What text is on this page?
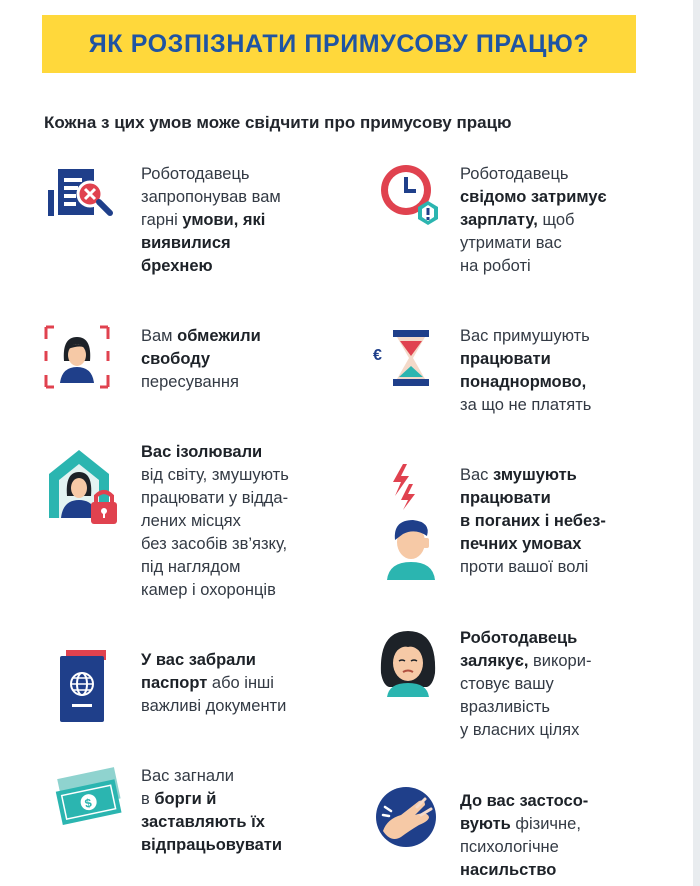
ЯК РОЗПІЗНАТИ ПРИМУСОВУ ПРАЦЮ?
Кожна з цих умов може свідчити про примусову працю
Роботодавець
запропонував вам
гарні умови, які
виявилися
брехнею
Роботодавець
свідомо затримує
зарплату, щоб
утримати вас
на роботі
Вам обмежили
свободу
пересування
Вас примушують
працювати
понаднормово,
за що не платять
Вас ізолювали
від світу, змушують
працювати у відда-
лених місцях
без засобів зв’язку,
під наглядом
камер і охоронців
Вас змушують
працювати
в поганих і небез-
печних умовах
проти вашої волі
У вас забрали
паспорт або інші
важливі документи
Роботодавець
залякує, викори-
стовує вашу
вразливість
у власних цілях
Вас загнали
в борги й
заставляють їх
відпрацьовувати
До вас застосо-
вують фізичне,
психологічне
насильство
€
$
